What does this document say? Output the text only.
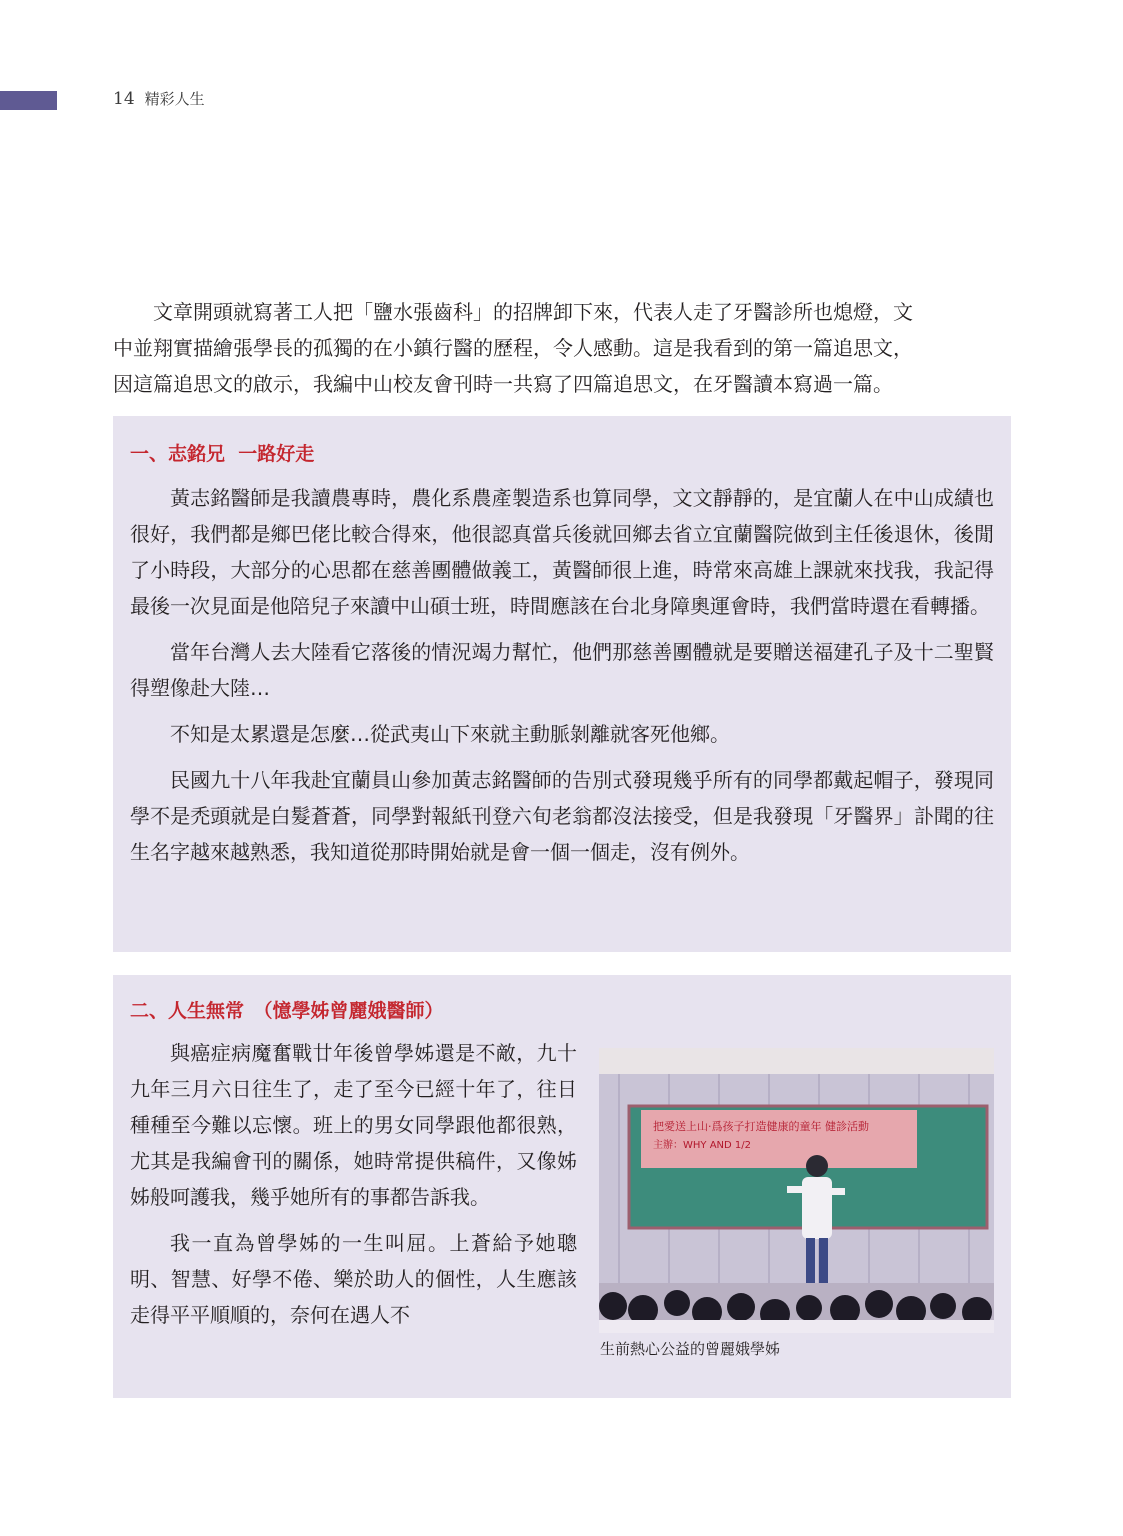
14 精彩人生
　　文章開頭就寫著工人把「鹽水張齒科」的招牌卸下來，代表人走了牙醫診所也熄燈，文
中並翔實描繪張學長的孤獨的在小鎮行醫的歷程，令人感動。這是我看到的第一篇追思文，
因這篇追思文的啟示，我編中山校友會刊時一共寫了四篇追思文，在牙醫讀本寫過一篇。
一、志銘兄  一路好走

黃志銘醫師是我讀農專時，農化系農產製造系也算同學，文文靜靜的，是宜蘭人在中山成績也很好，我們都是鄉巴佬比較合得來，他很認真當兵後就回鄉去省立宜蘭醫院做到主任後退休，後閒了小時段，大部分的心思都在慈善團體做義工，黃醫師很上進，時常來高雄上課就來找我，我記得最後一次見面是他陪兒子來讀中山碩士班，時間應該在台北身障奧運會時，我們當時還在看轉播。

當年台灣人去大陸看它落後的情況竭力幫忙，他們那慈善團體就是要贈送福建孔子及十二聖賢得塑像赴大陸…

不知是太累還是怎麼…從武夷山下來就主動脈剝離就客死他鄉。

民國九十八年我赴宜蘭員山參加黃志銘醫師的告別式發現幾乎所有的同學都戴起帽子，發現同學不是禿頭就是白髮蒼蒼，同學對報紙刊登六旬老翁都沒法接受，但是我發現「牙醫界」訃聞的往生名字越來越熟悉，我知道從那時開始就是會一個一個走，沒有例外。

二、人生無常　（憶學姊曾麗娥醫師）

與癌症病魔奮戰廿年後曾學姊還是不敵，九十九年三月六日往生了，走了至今已經十年了，往日種種至今難以忘懷。班上的男女同學跟他都很熟，尤其是我編會刊的關係，她時常提供稿件，又像姊姊般呵護我，幾乎她所有的事都告訴我。

我一直為曾學姊的一生叫屈。上蒼給予她聰明、智慧、好學不倦、樂於助人的個性，人生應該走得平平順順的，奈何在遇人不

把愛送上山‧爲孩子打造健康的童年 健診活動
主辦：WHY AND 1/2
生前熱心公益的曾麗娥學姊
